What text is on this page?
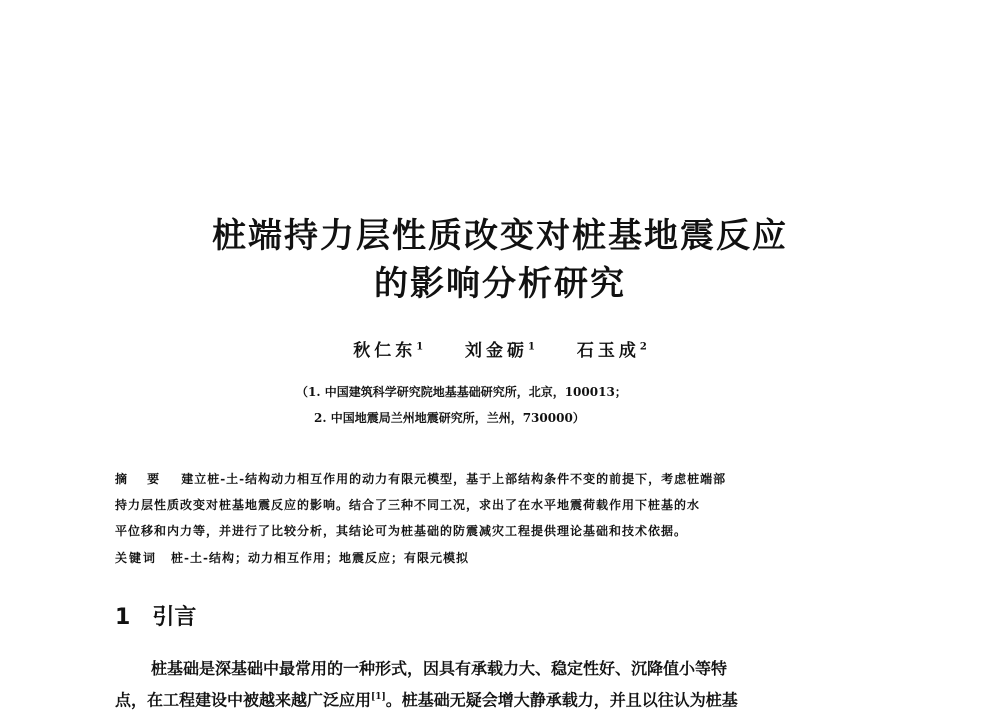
桩端持力层性质改变对桩基地震反应
的影响分析研究
秋仁东$^1$ 刘金砺$^1$ 石玉成$^2$
（1. 中国建筑科学研究院地基基础研究所，北京，100013；
2. 中国地震局兰州地震研究所，兰州，730000）
摘 要 建立桩-土-结构动力相互作用的动力有限元模型，基于上部结构条件不变的前提下，考虑桩端部
持力层性质改变对桩基地震反应的影响。结合了三种不同工况，求出了在水平地震荷载作用下桩基的水
平位移和内力等，并进行了比较分析，其结论可为桩基础的防震减灾工程提供理论基础和技术依据。
关键词 桩-土-结构；动力相互作用；地震反应；有限元模拟
1 引言
桩基础是深基础中最常用的一种形式，因具有承载力大、稳定性好、沉降值小等特
点，在工程建设中被越来越广泛应用[1]。桩基础无疑会增大静承载力，并且以往认为桩基
